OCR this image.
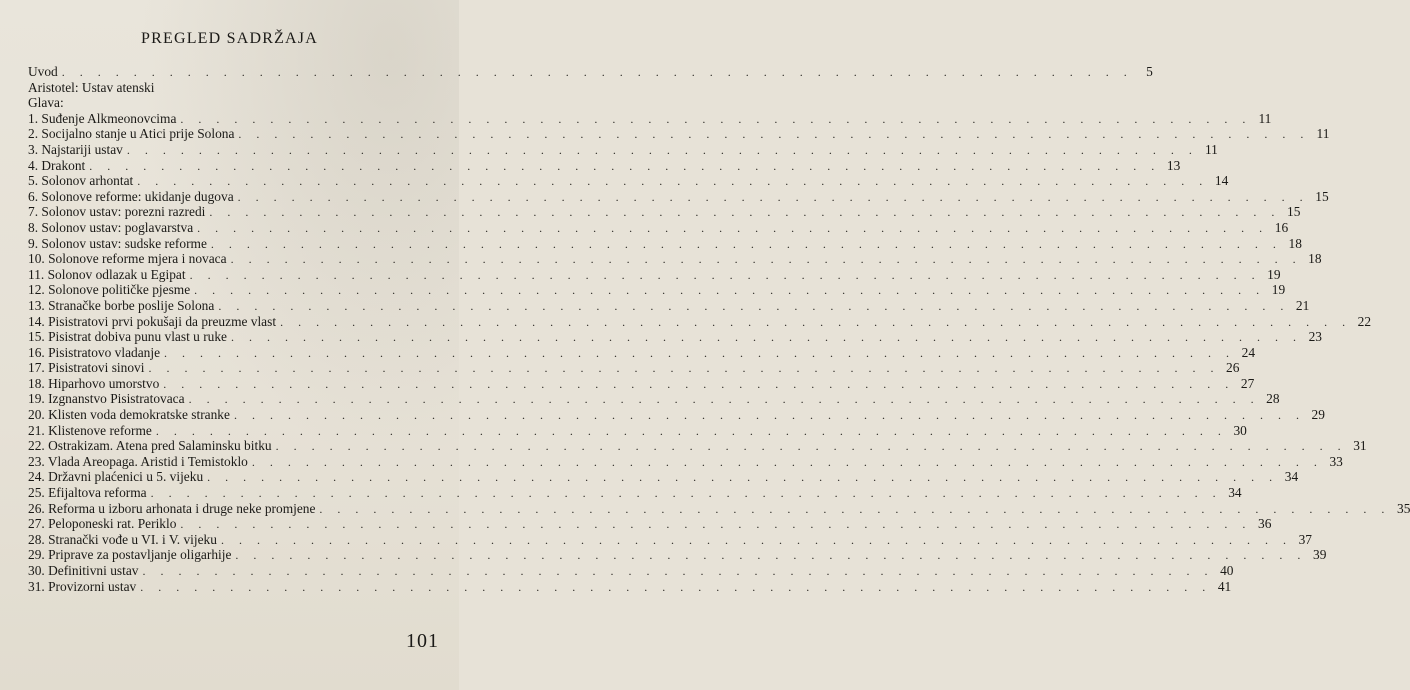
PREGLED SADRŽAJA
Uvod . . . . . . . . . . . . . . . . . . . . . . . . . . . . . . . . . . . . . . . . . . . . . . . . . . . . . . . . . . . . 5
Aristotel: Ustav atenski
Glava:
1. Suđenje Alkmeonovcima . . . . . . . . . . . . . . . . . . . . . . . . . . . . . . . . . . . . . . . . . . . . . . . . . . . . . . . . . . . . 11
2. Socijalno stanje u Atici prije Solona . . . . . . . . . . . . . . . . . . . . . . . . . . . . . . . . . . . . . . . . . . . . . . . . . . . . . . . . . . . . 11
3. Najstariji ustav . . . . . . . . . . . . . . . . . . . . . . . . . . . . . . . . . . . . . . . . . . . . . . . . . . . . . . . . . . . . 11
4. Drakont . . . . . . . . . . . . . . . . . . . . . . . . . . . . . . . . . . . . . . . . . . . . . . . . . . . . . . . . . . . . 13
5. Solonov arhontat . . . . . . . . . . . . . . . . . . . . . . . . . . . . . . . . . . . . . . . . . . . . . . . . . . . . . . . . . . . . 14
6. Solonove reforme: ukidanje dugova . . . . . . . . . . . . . . . . . . . . . . . . . . . . . . . . . . . . . . . . . . . . . . . . . . . . . . . . . . . . 15
7. Solonov ustav: porezni razredi . . . . . . . . . . . . . . . . . . . . . . . . . . . . . . . . . . . . . . . . . . . . . . . . . . . . . . . . . . . . 15
8. Solonov ustav: poglavarstva . . . . . . . . . . . . . . . . . . . . . . . . . . . . . . . . . . . . . . . . . . . . . . . . . . . . . . . . . . . . 16
9. Solonov ustav: sudske reforme . . . . . . . . . . . . . . . . . . . . . . . . . . . . . . . . . . . . . . . . . . . . . . . . . . . . . . . . . . . . 18
10. Solonove reforme mjera i novaca . . . . . . . . . . . . . . . . . . . . . . . . . . . . . . . . . . . . . . . . . . . . . . . . . . . . . . . . . . . . 18
11. Solonov odlazak u Egipat . . . . . . . . . . . . . . . . . . . . . . . . . . . . . . . . . . . . . . . . . . . . . . . . . . . . . . . . . . . . 19
12. Solonove političke pjesme . . . . . . . . . . . . . . . . . . . . . . . . . . . . . . . . . . . . . . . . . . . . . . . . . . . . . . . . . . . . 19
13. Stranačke borbe poslije Solona . . . . . . . . . . . . . . . . . . . . . . . . . . . . . . . . . . . . . . . . . . . . . . . . . . . . . . . . . . . . 21
14. Pisistratovi prvi pokušaji da preuzme vlast . . . . . . . . . . . . . . . . . . . . . . . . . . . . . . . . . . . . . . . . . . . . . . . . . . . . . . . . . . . . 22
15. Pisistrat dobiva punu vlast u ruke . . . . . . . . . . . . . . . . . . . . . . . . . . . . . . . . . . . . . . . . . . . . . . . . . . . . . . . . . . . . 23
16. Pisistratovo vladanje . . . . . . . . . . . . . . . . . . . . . . . . . . . . . . . . . . . . . . . . . . . . . . . . . . . . . . . . . . . . 24
17. Pisistratovi sinovi . . . . . . . . . . . . . . . . . . . . . . . . . . . . . . . . . . . . . . . . . . . . . . . . . . . . . . . . . . . . 26
18. Hiparhovo umorstvo . . . . . . . . . . . . . . . . . . . . . . . . . . . . . . . . . . . . . . . . . . . . . . . . . . . . . . . . . . . . 27
19. Izgnanstvo Pisistratovaca . . . . . . . . . . . . . . . . . . . . . . . . . . . . . . . . . . . . . . . . . . . . . . . . . . . . . . . . . . . . 28
20. Klisten voda demokratske stranke . . . . . . . . . . . . . . . . . . . . . . . . . . . . . . . . . . . . . . . . . . . . . . . . . . . . . . . . . . . . 29
21. Klistenove reforme . . . . . . . . . . . . . . . . . . . . . . . . . . . . . . . . . . . . . . . . . . . . . . . . . . . . . . . . . . . . 30
22. Ostrakizam. Atena pred Salaminsku bitku . . . . . . . . . . . . . . . . . . . . . . . . . . . . . . . . . . . . . . . . . . . . . . . . . . . . . . . . . . . . 31
23. Vlada Areopaga. Aristid i Temistoklo . . . . . . . . . . . . . . . . . . . . . . . . . . . . . . . . . . . . . . . . . . . . . . . . . . . . . . . . . . . . 33
24. Državni plaćenici u 5. vijeku . . . . . . . . . . . . . . . . . . . . . . . . . . . . . . . . . . . . . . . . . . . . . . . . . . . . . . . . . . . . 34
25. Efijaltova reforma . . . . . . . . . . . . . . . . . . . . . . . . . . . . . . . . . . . . . . . . . . . . . . . . . . . . . . . . . . . . 34
26. Reforma u izboru arhonata i druge neke promjene . . . . . . . . . . . . . . . . . . . . . . . . . . . . . . . . . . . . . . . . . . . . . . . . . . . . . . . . . . . . 35
27. Peloponeski rat. Periklo . . . . . . . . . . . . . . . . . . . . . . . . . . . . . . . . . . . . . . . . . . . . . . . . . . . . . . . . . . . . 36
28. Stranački vođe u VI. i V. vijeku . . . . . . . . . . . . . . . . . . . . . . . . . . . . . . . . . . . . . . . . . . . . . . . . . . . . . . . . . . . . 37
29. Priprave za postavljanje oligarhije . . . . . . . . . . . . . . . . . . . . . . . . . . . . . . . . . . . . . . . . . . . . . . . . . . . . . . . . . . . . 39
30. Definitivni ustav . . . . . . . . . . . . . . . . . . . . . . . . . . . . . . . . . . . . . . . . . . . . . . . . . . . . . . . . . . . . 40
31. Provizorni ustav . . . . . . . . . . . . . . . . . . . . . . . . . . . . . . . . . . . . . . . . . . . . . . . . . . . . . . . . . . . . 41
101
